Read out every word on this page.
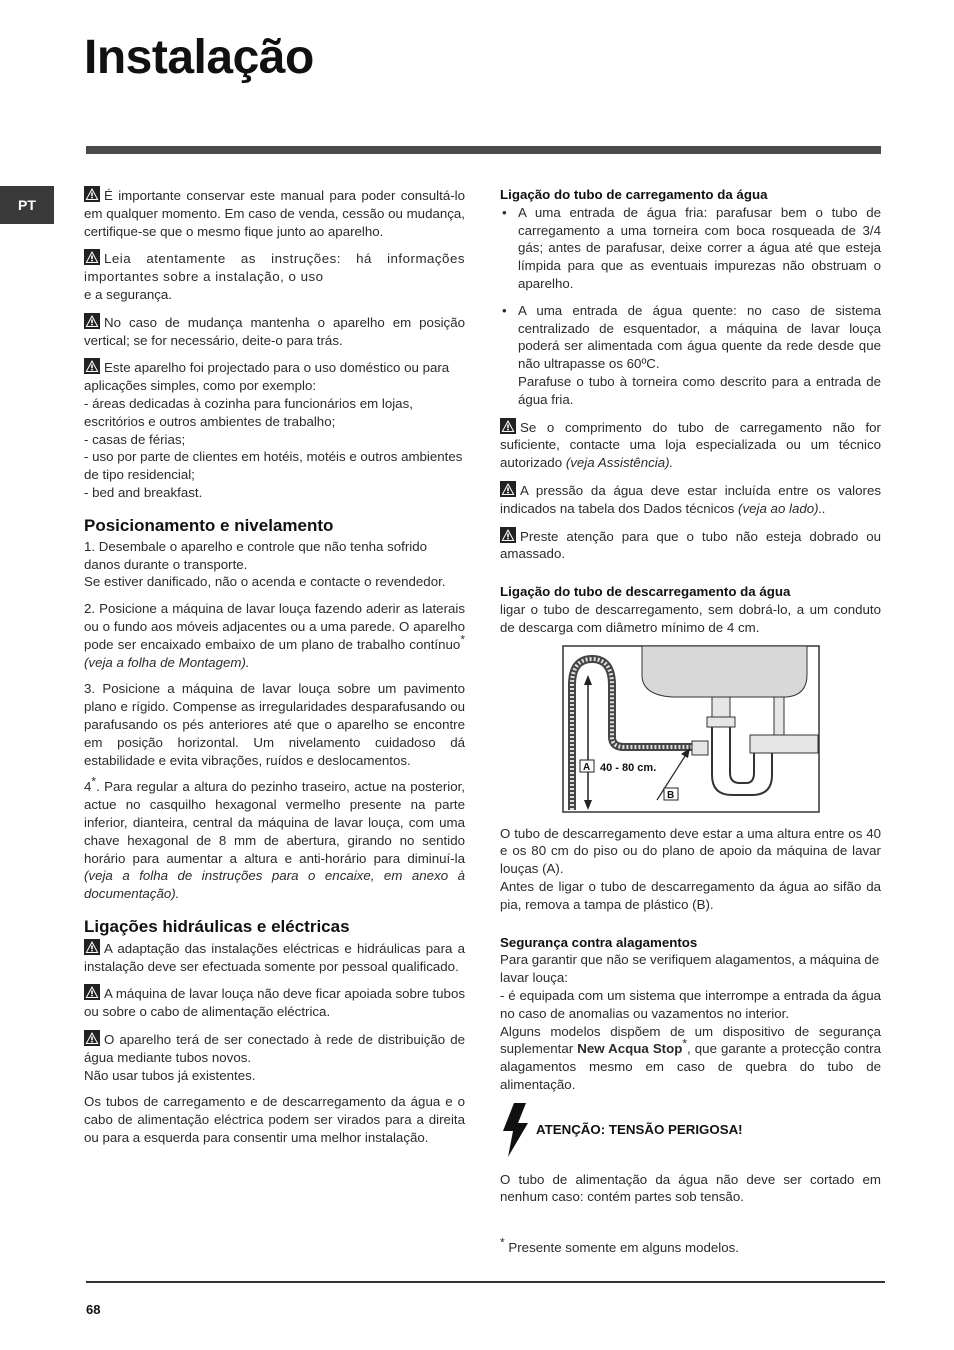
Instalação
PT

É importante conservar este manual para poder consultá-lo em qualquer momento. Em caso de venda, cessão ou mudança, certifique-se que o mesmo fique junto ao aparelho.

Leia atentamente as instruções: há informações importantes sobre a instalação, o uso
e a segurança.

No caso de mudança mantenha o aparelho em posição vertical; se for necessário, deite-o para trás.

Este aparelho foi projectado para o uso doméstico ou para aplicações simples, como por exemplo:
- áreas dedicadas à cozinha para funcionários em lojas, escritórios e outros ambientes de trabalho;
- casas de férias;
- uso por parte de clientes em hotéis, motéis e outros ambientes de tipo residencial;
- bed and breakfast.

Posicionamento e nivelamento

1. Desembale o aparelho e controle que não tenha sofrido danos durante o transporte.
Se estiver danificado, não o acenda e contacte o revendedor.

2. Posicione a máquina de lavar louça fazendo aderir as laterais ou o fundo aos móveis adjacentes ou a uma parede. O aparelho pode ser encaixado embaixo de um plano de trabalho contínuo* (veja a folha de Montagem).

3. Posicione a máquina de lavar louça sobre um pavimento plano e rígido. Compense as irregularidades desparafusando ou parafusando os pés anteriores até que o aparelho se encontre em posição horizontal. Um nivelamento cuidadoso dá estabilidade e evita vibrações, ruídos e deslocamentos.

4*. Para regular a altura do pezinho traseiro, actue na posterior, actue no casquilho hexagonal vermelho presente na parte inferior, dianteira, central da máquina de lavar louça, com uma chave hexagonal de 8 mm de abertura, girando no sentido horário para aumentar a altura e anti-horário para diminuí-la (veja a folha de instruções para o encaixe, em anexo à documentação).

Ligações hidráulicas e eléctricas

A adaptação das instalações eléctricas e hidráulicas para a instalação deve ser efectuada somente por pessoal qualificado.

A máquina de lavar louça não deve ficar apoiada sobre tubos ou sobre o cabo de alimentação eléctrica.

O aparelho terá de ser conectado à rede de distribuição de água mediante tubos novos.
Não usar tubos já existentes.

Os tubos de carregamento e de descarregamento da água e o cabo de alimentação eléctrica podem ser virados para a direita ou para a esquerda para consentir uma melhor instalação.

Ligação do tubo de carregamento da água
• A uma entrada de água fria: parafusar bem o tubo de carregamento a uma torneira com boca rosqueada de 3/4 gás; antes de parafusar, deixe correr a água até que esteja límpida para que as eventuais impurezas não obstruam o aparelho.
• A uma entrada de água quente: no caso de sistema centralizado de esquentador, a máquina de lavar louça poderá ser alimentada com água quente da rede desde que não ultrapasse os 60ºC.
Parafuse o tubo à torneira como descrito para a entrada de água fria.

Se o comprimento do tubo de carregamento não for suficiente, contacte uma loja especializada ou um técnico autorizado (veja Assistência).

A pressão da água deve estar incluída entre os valores indicados na tabela dos Dados técnicos (veja ao lado)..

Preste atenção para que o tubo não esteja dobrado ou amassado.

Ligação do tubo de descarregamento da água

ligar o tubo de descarregamento, sem dobrá-lo, a um conduto de descarga com diâmetro mínimo de 4 cm.

A 40 - 80 cm.
B

O tubo de descarregamento deve estar a uma altura entre os 40 e os 80 cm do piso ou do plano de apoio da máquina de lavar louças (A).
Antes de ligar o tubo de descarregamento da água ao sifão da pia, remova a tampa de plástico (B).

Segurança contra alagamentos

Para garantir que não se verifiquem alagamentos, a máquina de lavar louça:

- é equipada com um sistema que interrompe a entrada da água no caso de anomalias ou vazamentos no interior.

Alguns modelos dispõem de um dispositivo de segurança suplementar New Acqua Stop*, que garante a protecção contra alagamentos mesmo em caso de quebra do tubo de alimentação.

ATENÇÃO: TENSÃO PERIGOSA!

O tubo de alimentação da água não deve ser cortado em nenhum caso: contém partes sob tensão.

* Presente somente em alguns modelos.
68
